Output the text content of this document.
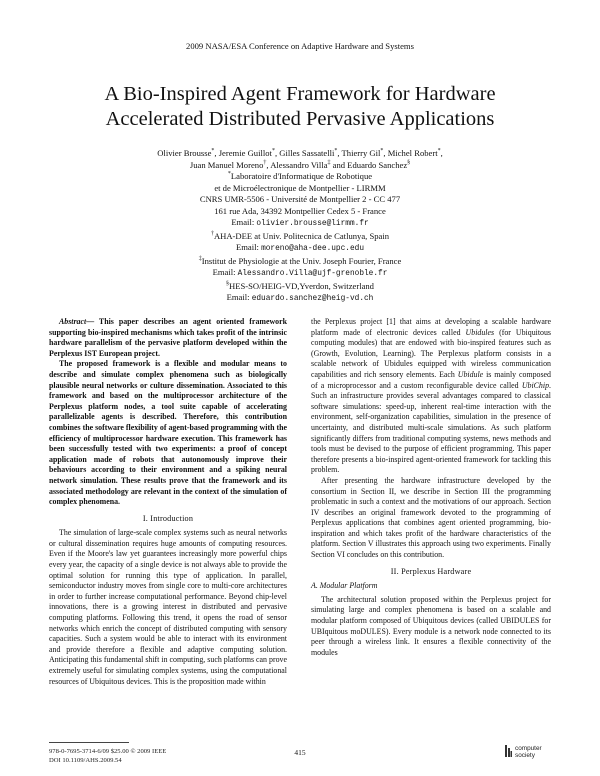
2009 NASA/ESA Conference on Adaptive Hardware and Systems
A Bio-Inspired Agent Framework for Hardware
Accelerated Distributed Pervasive Applications
Olivier Brousse*, Jeremie Guillot*, Gilles Sassatelli*, Thierry Gil*, Michel Robert*,
Juan Manuel Moreno†, Alessandro Villa‡ and Eduardo Sanchez§
*Laboratoire d'Informatique de Robotique
et de Microélectronique de Montpellier - LIRMM
CNRS UMR-5506 - Université de Montpellier 2 - CC 477
161 rue Ada, 34392 Montpellier Cedex 5 - France
Email: olivier.brousse@lirmm.fr
†AHA-DEE at Univ. Politecnica de Catlunya, Spain
Email: moreno@aha-dee.upc.edu
‡Institut de Physiologie at the Univ. Joseph Fourier, France
Email: Alessandro.Villa@ujf-grenoble.fr
§HES-SO/HEIG-VD,Yverdon, Switzerland
Email: eduardo.sanchez@heig-vd.ch

Abstract— This paper describes an agent oriented framework supporting bio-inspired mechanisms which takes profit of the intrinsic hardware parallelism of the pervasive platform developed within the Perplexus IST European project.

The proposed framework is a flexible and modular means to describe and simulate complex phenomena such as biologically plausible neural networks or culture dissemination. Associated to this framework and based on the multiprocessor architecture of the Perplexus platform nodes, a tool suite capable of accelerating parallelizable agents is described. Therefore, this contribution combines the software flexibility of agent-based programming with the efficiency of multiprocessor hardware execution. This framework has been successfully tested with two experiments: a proof of concept application made of robots that autonomously improve their behaviours according to their environment and a spiking neural network simulation. These results prove that the framework and its associated methodology are relevant in the context of the simulation of complex phenomena.

I. Introduction

The simulation of large-scale complex systems such as neural networks or cultural dissemination requires huge amounts of computing resources. Even if the Moore's law yet guarantees increasingly more powerful chips every year, the capacity of a single device is not always able to provide the optimal solution for running this type of application. In parallel, semiconductor industry moves from single core to multi-core architectures in order to further increase computational performance. Beyond chip-level innovations, there is a growing interest in distributed and pervasive computing platforms. Following this trend, it opens the road of sensor networks which enrich the concept of distributed computing with sensory capacities. Such a system would be able to interact with its environment and provide therefore a flexible and adaptive computing solution. Anticipating this fundamental shift in computing, such platforms can prove extremely useful for simulating complex systems, using the computational resources of Ubiquitous devices. This is the proposition made within

the Perplexus project [1] that aims at developing a scalable hardware platform made of electronic devices called Ubidules (for Ubiquitous computing modules) that are endowed with bio-inspired features such as (Growth, Evolution, Learning). The Perplexus platform consists in a scalable network of Ubidules equipped with wireless communication capabilities and rich sensory elements. Each Ubidule is mainly composed of a microprocessor and a custom reconfigurable device called UbiChip. Such an infrastructure provides several advantages compared to classical software simulations: speed-up, inherent real-time interaction with the environment, self-organization capabilities, simulation in the presence of uncertainty, and distributed multi-scale simulations. As such platform significantly differs from traditional computing systems, news methods and tools must be devised to the purpose of efficient programming. This paper therefore presents a bio-inspired agent-oriented framework for tackling this problem.

After presenting the hardware infrastructure developed by the consortium in Section II, we describe in Section III the programming problematic in such a context and the motivations of our approach. Section IV describes an original framework devoted to the programming of Perplexus applications that combines agent oriented programming, bio-inspiration and which takes profit of the hardware characteristics of the platform. Section V illustrates this approach using two experiments. Finally Section VI concludes on this contribution.

II. Perplexus Hardware
A. Modular Platform

The architectural solution proposed within the Perplexus project for simulating large and complex phenomena is based on a scalable and modular platform composed of Ubiquitous devices (called UBIDULES for UBIquitous moDULES). Every module is a network node connected to its peer through a wireless link. It ensures a flexible connectivity of the modules

978-0-7695-3714-6/09 $25.00 © 2009 IEEE
DOI 10.1109/AHS.2009.54
415	computer
society
